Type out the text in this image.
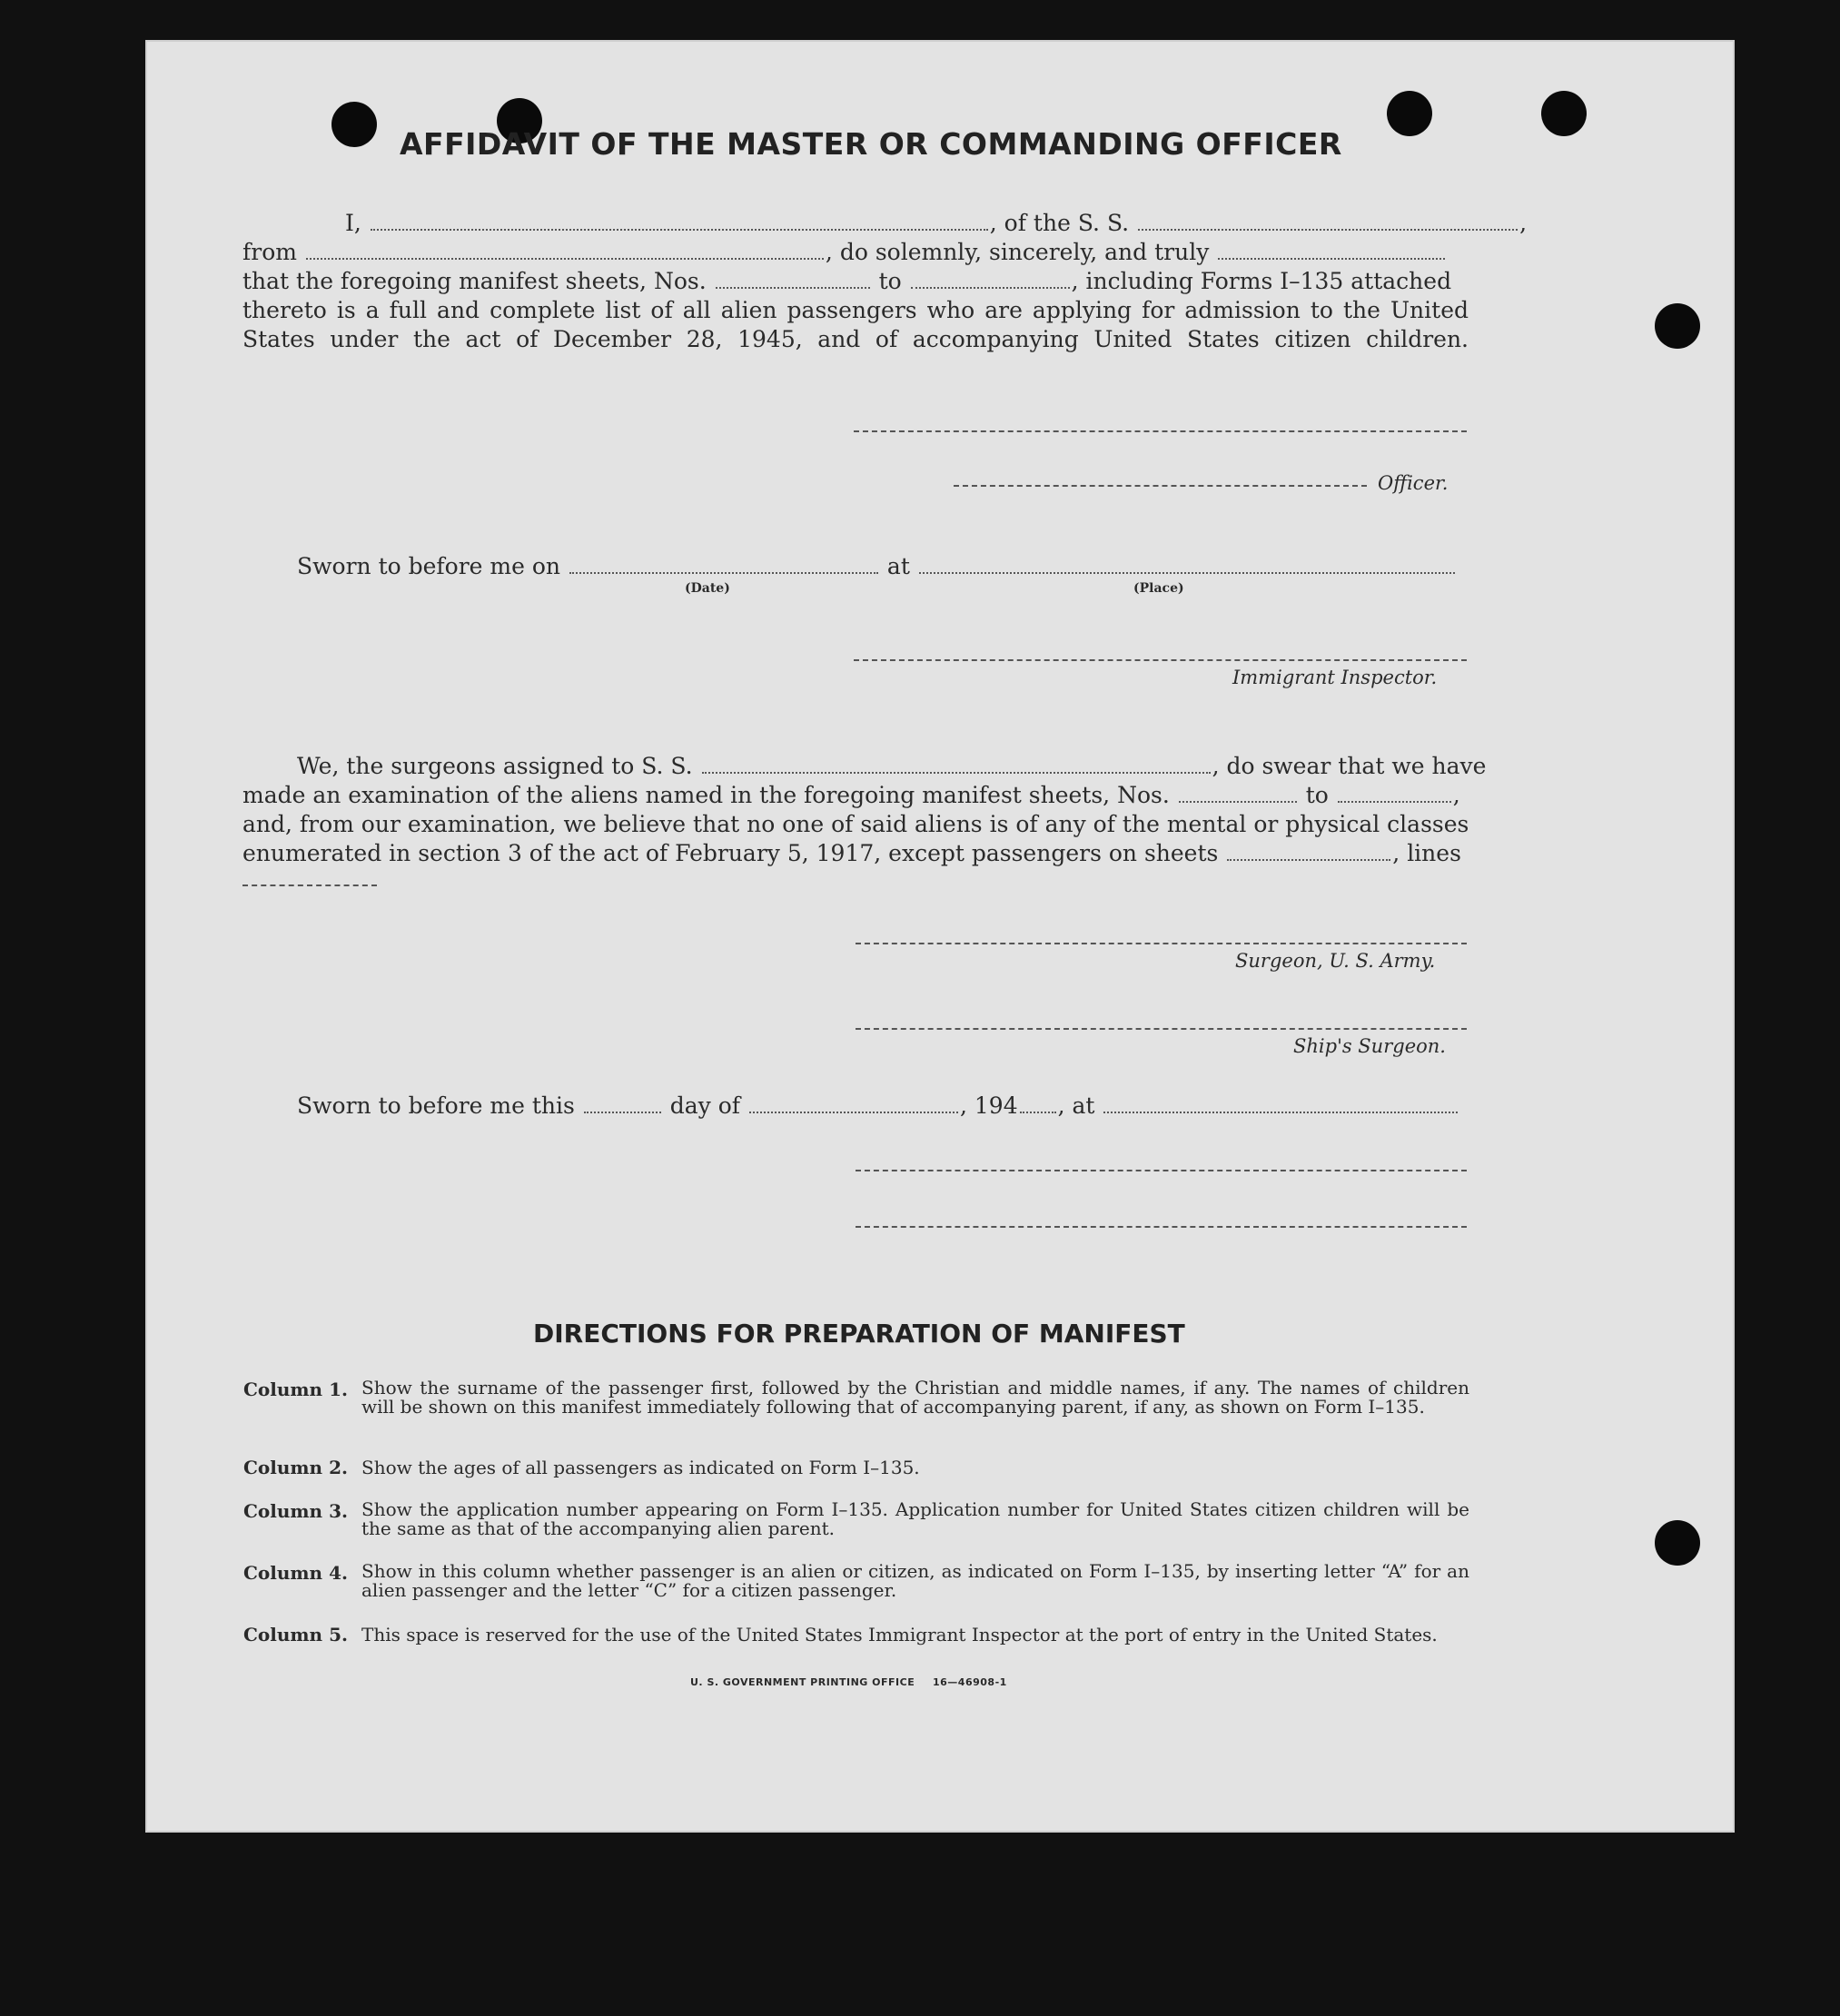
AFFIDAVIT OF THE MASTER OR COMMANDING OFFICER
I,	, of the S. S.	,
from	, do solemnly, sincerely, and truly
that the foregoing manifest sheets, Nos.	to	, including Forms I–135 attached
thereto is a full and complete list of all alien passengers who are applying for admission to the United
States under the act of December 28, 1945, and of accompanying United States citizen children.
Officer.
Sworn to before me on	at
(Date)	(Place)
Immigrant Inspector.
We, the surgeons assigned to S. S.	, do swear that we have
made an examination of the aliens named in the foregoing manifest sheets, Nos.	to	,
and, from our examination, we believe that no one of said aliens is of any of the mental or physical classes
enumerated in section 3 of the act of February 5, 1917, except passengers on sheets	, lines
Surgeon, U. S. Army.
Ship's Surgeon.
Sworn to before me this	day of	, 194 , at
DIRECTIONS FOR PREPARATION OF MANIFEST
Column 1. Show the surname of the passenger first, followed by the Christian and middle names, if any. The names of children will be shown on this manifest immediately following that of accompanying parent, if any, as shown on Form I–135.
Column 2. Show the ages of all passengers as indicated on Form I–135.
Column 3. Show the application number appearing on Form I–135. Application number for United States citizen children will be the same as that of the accompanying alien parent.
Column 4. Show in this column whether passenger is an alien or citizen, as indicated on Form I–135, by inserting letter “A” for an alien passenger and the letter “C” for a citizen passenger.
Column 5. This space is reserved for the use of the United States Immigrant Inspector at the port of entry in the United States.
U. S. GOVERNMENT PRINTING OFFICE 16—46908-1
